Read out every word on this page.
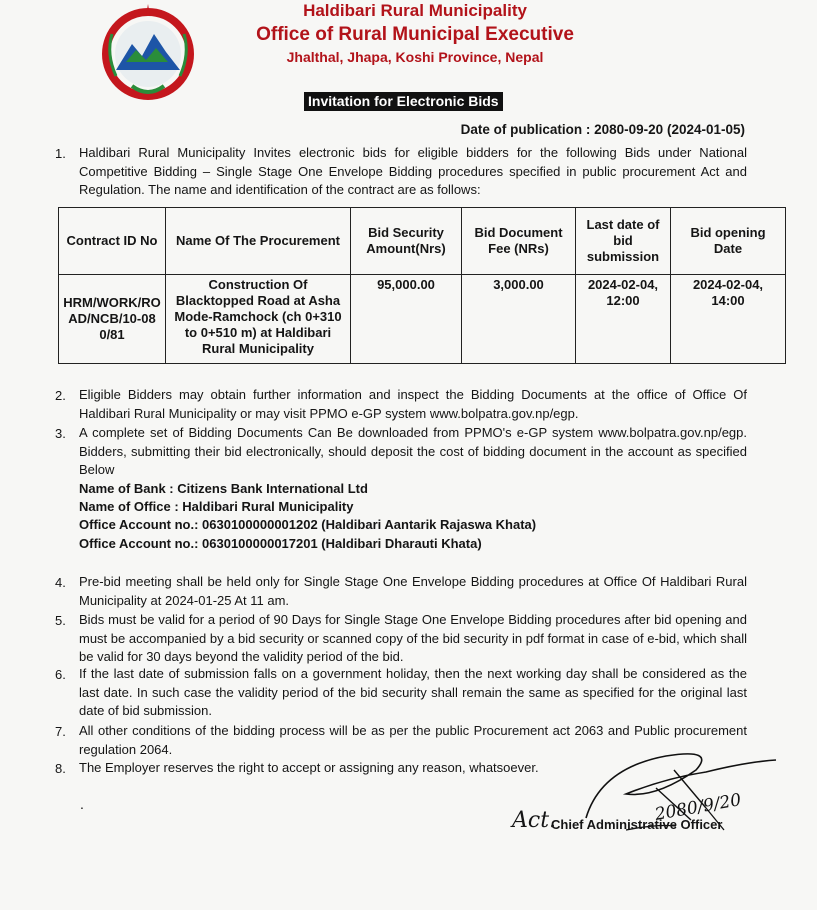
Haldibari Rural Municipality
Office of Rural Municipal Executive
Jhalthal, Jhapa, Koshi Province, Nepal
Invitation for Electronic Bids
Date of publication : 2080-09-20 (2024-01-05)
1. Haldibari Rural Municipality Invites electronic bids for eligible bidders for the following Bids under National Competitive Bidding – Single Stage One Envelope Bidding procedures specified in public procurement Act and Regulation. The name and identification of the contract are as follows:
Contract ID No	Name Of The Procurement	Bid Security Amount(Nrs)	Bid Document Fee (NRs)	Last date of bid submission	Bid opening Date
HRM/WORK/ROAD/NCB/10-080/81	Construction Of Blacktopped Road at Asha Mode-Ramchock (ch 0+310 to 0+510 m) at Haldibari Rural Municipality	95,000.00	3,000.00	2024-02-04, 12:00	2024-02-04, 14:00
2. Eligible Bidders may obtain further information and inspect the Bidding Documents at the office of Office Of Haldibari Rural Municipality or may visit PPMO e-GP system www.bolpatra.gov.np/egp.
3. A complete set of Bidding Documents Can Be downloaded from PPMO's e-GP system www.bolpatra.gov.np/egp. Bidders, submitting their bid electronically, should deposit the cost of bidding document in the account as specified Below
Name of Bank : Citizens Bank International Ltd
Name of Office : Haldibari Rural Municipality
Office Account no.: 0630100000001202 (Haldibari Aantarik Rajaswa Khata)
Office Account no.: 0630100000017201 (Haldibari Dharauti Khata)
4. Pre-bid meeting shall be held only for Single Stage One Envelope Bidding procedures at Office Of Haldibari Rural Municipality at 2024-01-25 At 11 am.
5. Bids must be valid for a period of 90 Days for Single Stage One Envelope Bidding procedures after bid opening and must be accompanied by a bid security or scanned copy of the bid security in pdf format in case of e-bid, which shall be valid for 30 days beyond the validity period of the bid.
6. If the last date of submission falls on a government holiday, then the next working day shall be considered as the last date. In such case the validity period of the bid security shall remain the same as specified for the original last date of bid submission.
7. All other conditions of the bidding process will be as per the public Procurement act 2063 and Public procurement regulation 2064.
8. The Employer reserves the right to accept or assigning any reason, whatsoever.
.	2080/9/20
Act.
Chief Administrative Officer
